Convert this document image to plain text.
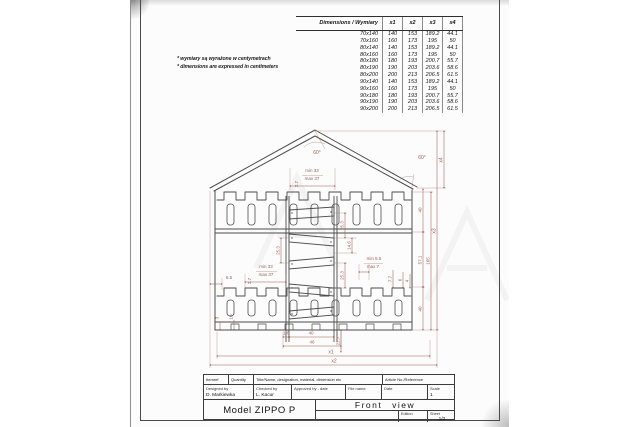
* wymiary są wyrażone w centymetrach
* dimensions are expressed in centimeters
Dimensions / Wymiary	x1	x2	x3	x4
70x140	140	153	189.2	44.1
70x160	160	173	195	50
80x140	140	153	189.2	44.1
80x160	160	173	195	50
80x180	180	193	200.7	55.7
80x190	190	203	203.6	58.6
80x200	200	213	206.5	61.5
90x140	140	153	189.2	44.1
90x160	160	173	195	50
90x180	180	193	200.7	55.7
90x190	190	203	203.6	58.6
90x200	200	213	206.5	61.5
60°
60°
min 33
max 37
2.7
6.5
min 33
max 37
2.7
min 5.5
max 7
7.7 6 4
25.3
25.3
25.3
14.6
40
57.1
40
165
x3
x4
3 10
22.7
1.8	40
46
x1
x2
Itemref	Quantity	Title/Name, designation, material, dimension etc	Article No./Reference
Designed by
D. Markiewka
Checked by
L. Kacur
Approved by - date	File name	Date	Scale
1
Model ZIPPO P	Front view
Edition	Sheet
1/2
